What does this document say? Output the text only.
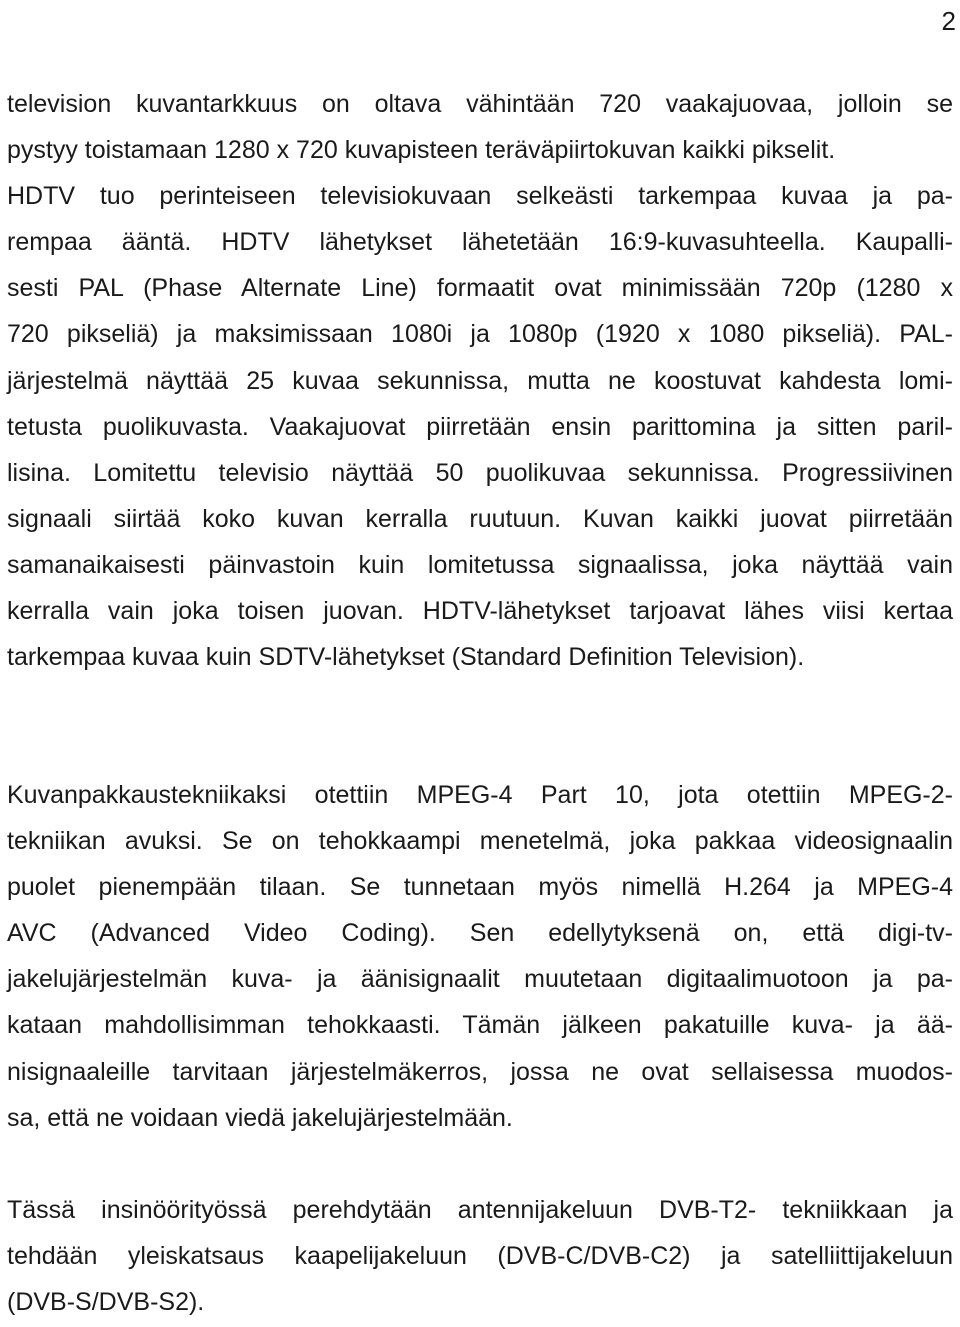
2
television kuvantarkkuus on oltava vähintään 720 vaakajuovaa, jolloin se
pystyy toistamaan 1280 x 720 kuvapisteen teräväpiirtokuvan kaikki pikselit.
HDTV tuo perinteiseen televisiokuvaan selkeästi tarkempaa kuvaa ja pa-
rempaa ääntä. HDTV lähetykset lähetetään 16:9-kuvasuhteella. Kaupalli-
sesti PAL (Phase Alternate Line) formaatit ovat minimissään 720p (1280 x
720 pikseliä) ja maksimissaan 1080i ja 1080p (1920 x 1080 pikseliä). PAL-
järjestelmä näyttää 25 kuvaa sekunnissa, mutta ne koostuvat kahdesta lomi-
tetusta puolikuvasta. Vaakajuovat piirretään ensin parittomina ja sitten paril-
lisina. Lomitettu televisio näyttää 50 puolikuvaa sekunnissa. Progressiivinen
signaali siirtää koko kuvan kerralla ruutuun. Kuvan kaikki juovat piirretään
samanaikaisesti päinvastoin kuin lomitetussa signaalissa, joka näyttää vain
kerralla vain joka toisen juovan. HDTV-lähetykset tarjoavat lähes viisi kertaa
tarkempaa kuvaa kuin SDTV-lähetykset (Standard Definition Television).
Kuvanpakkaustekniikaksi otettiin MPEG-4 Part 10, jota otettiin MPEG-2-
tekniikan avuksi. Se on tehokkaampi menetelmä, joka pakkaa videosignaalin
puolet pienempään tilaan. Se tunnetaan myös nimellä H.264 ja MPEG-4
AVC (Advanced Video Coding). Sen edellytyksenä on, että digi-tv-
jakelujärjestelmän kuva- ja äänisignaalit muutetaan digitaalimuotoon ja pa-
kataan mahdollisimman tehokkaasti. Tämän jälkeen pakatuille kuva- ja ää-
nisignaaleille tarvitaan järjestelmäkerros, jossa ne ovat sellaisessa muodos-
sa, että ne voidaan viedä jakelujärjestelmään.
Tässä insinöörityössä perehdytään antennijakeluun DVB-T2- tekniikkaan ja
tehdään yleiskatsaus kaapelijakeluun (DVB-C/DVB-C2) ja satelliittijakeluun
(DVB-S/DVB-S2).
